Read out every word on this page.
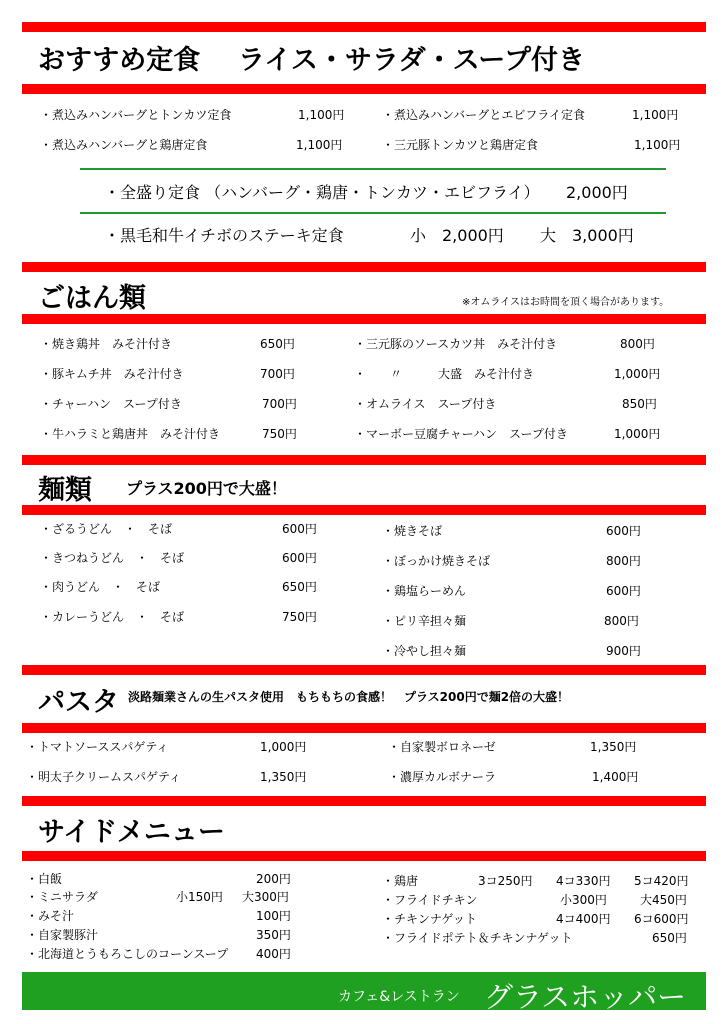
おすすめ定食 ライス・サラダ・スープ付き
・煮込みハンバーグとトンカツ定食	1,100円
・煮込みハンバーグと鶏唐定食	1,100円
・煮込みハンバーグとエビフライ定食	1,100円
・三元豚トンカツと鶏唐定食	1,100円
・全盛り定食 （ハンバーグ・鶏唐・トンカツ・エビフライ） 2,000円
・黒毛和牛イチボのステーキ定食	小　2,000円 大　3,000円
ごはん類	※オムライスはお時間を頂く場合があります。
・焼き鶏丼　みそ汁付き	650円
・豚キムチ丼　みそ汁付き	700円
・チャーハン　スープ付き	700円
・牛ハラミと鶏唐丼　みそ汁付き	750円
・三元豚のソースカツ丼　みそ汁付き	800円
・　　〃　　　大盛　みそ汁付き	1,000円
・オムライス　スープ付き	850円
・マーボー豆腐チャーハン　スープ付き	1,000円
麺類 プラス200円で大盛！
・ざるうどん　・　そば	600円
・きつねうどん　・　そば	600円
・肉うどん　・　そば	650円
・カレーうどん　・　そば	750円
・焼きそば	600円
・ぼっかけ焼きそば	800円
・鶏塩らーめん	600円
・ピリ辛担々麺	800円
・冷やし担々麺	900円
パスタ 淡路麺業さんの生パスタ使用　もちもちの食感！　プラス200円で麺2倍の大盛！
・トマトソーススパゲティ	1,000円
・明太子クリームスパゲティ	1,350円
・自家製ボロネーゼ	1,350円
・濃厚カルボナーラ	1,400円
サイドメニュー
・白飯	200円
・ミニサラダ	小150円 大300円
・みそ汁	100円
・自家製豚汁	350円
・北海道とうもろこしのコーンスープ 400円
・鶏唐	3コ250円 4コ330円 5コ420円
・フライドチキン	小300円	大450円
・チキンナゲット	4コ400円 6コ600円
・フライドポテト＆チキンナゲット	650円
カフェ&レストラン グラスホッパー
